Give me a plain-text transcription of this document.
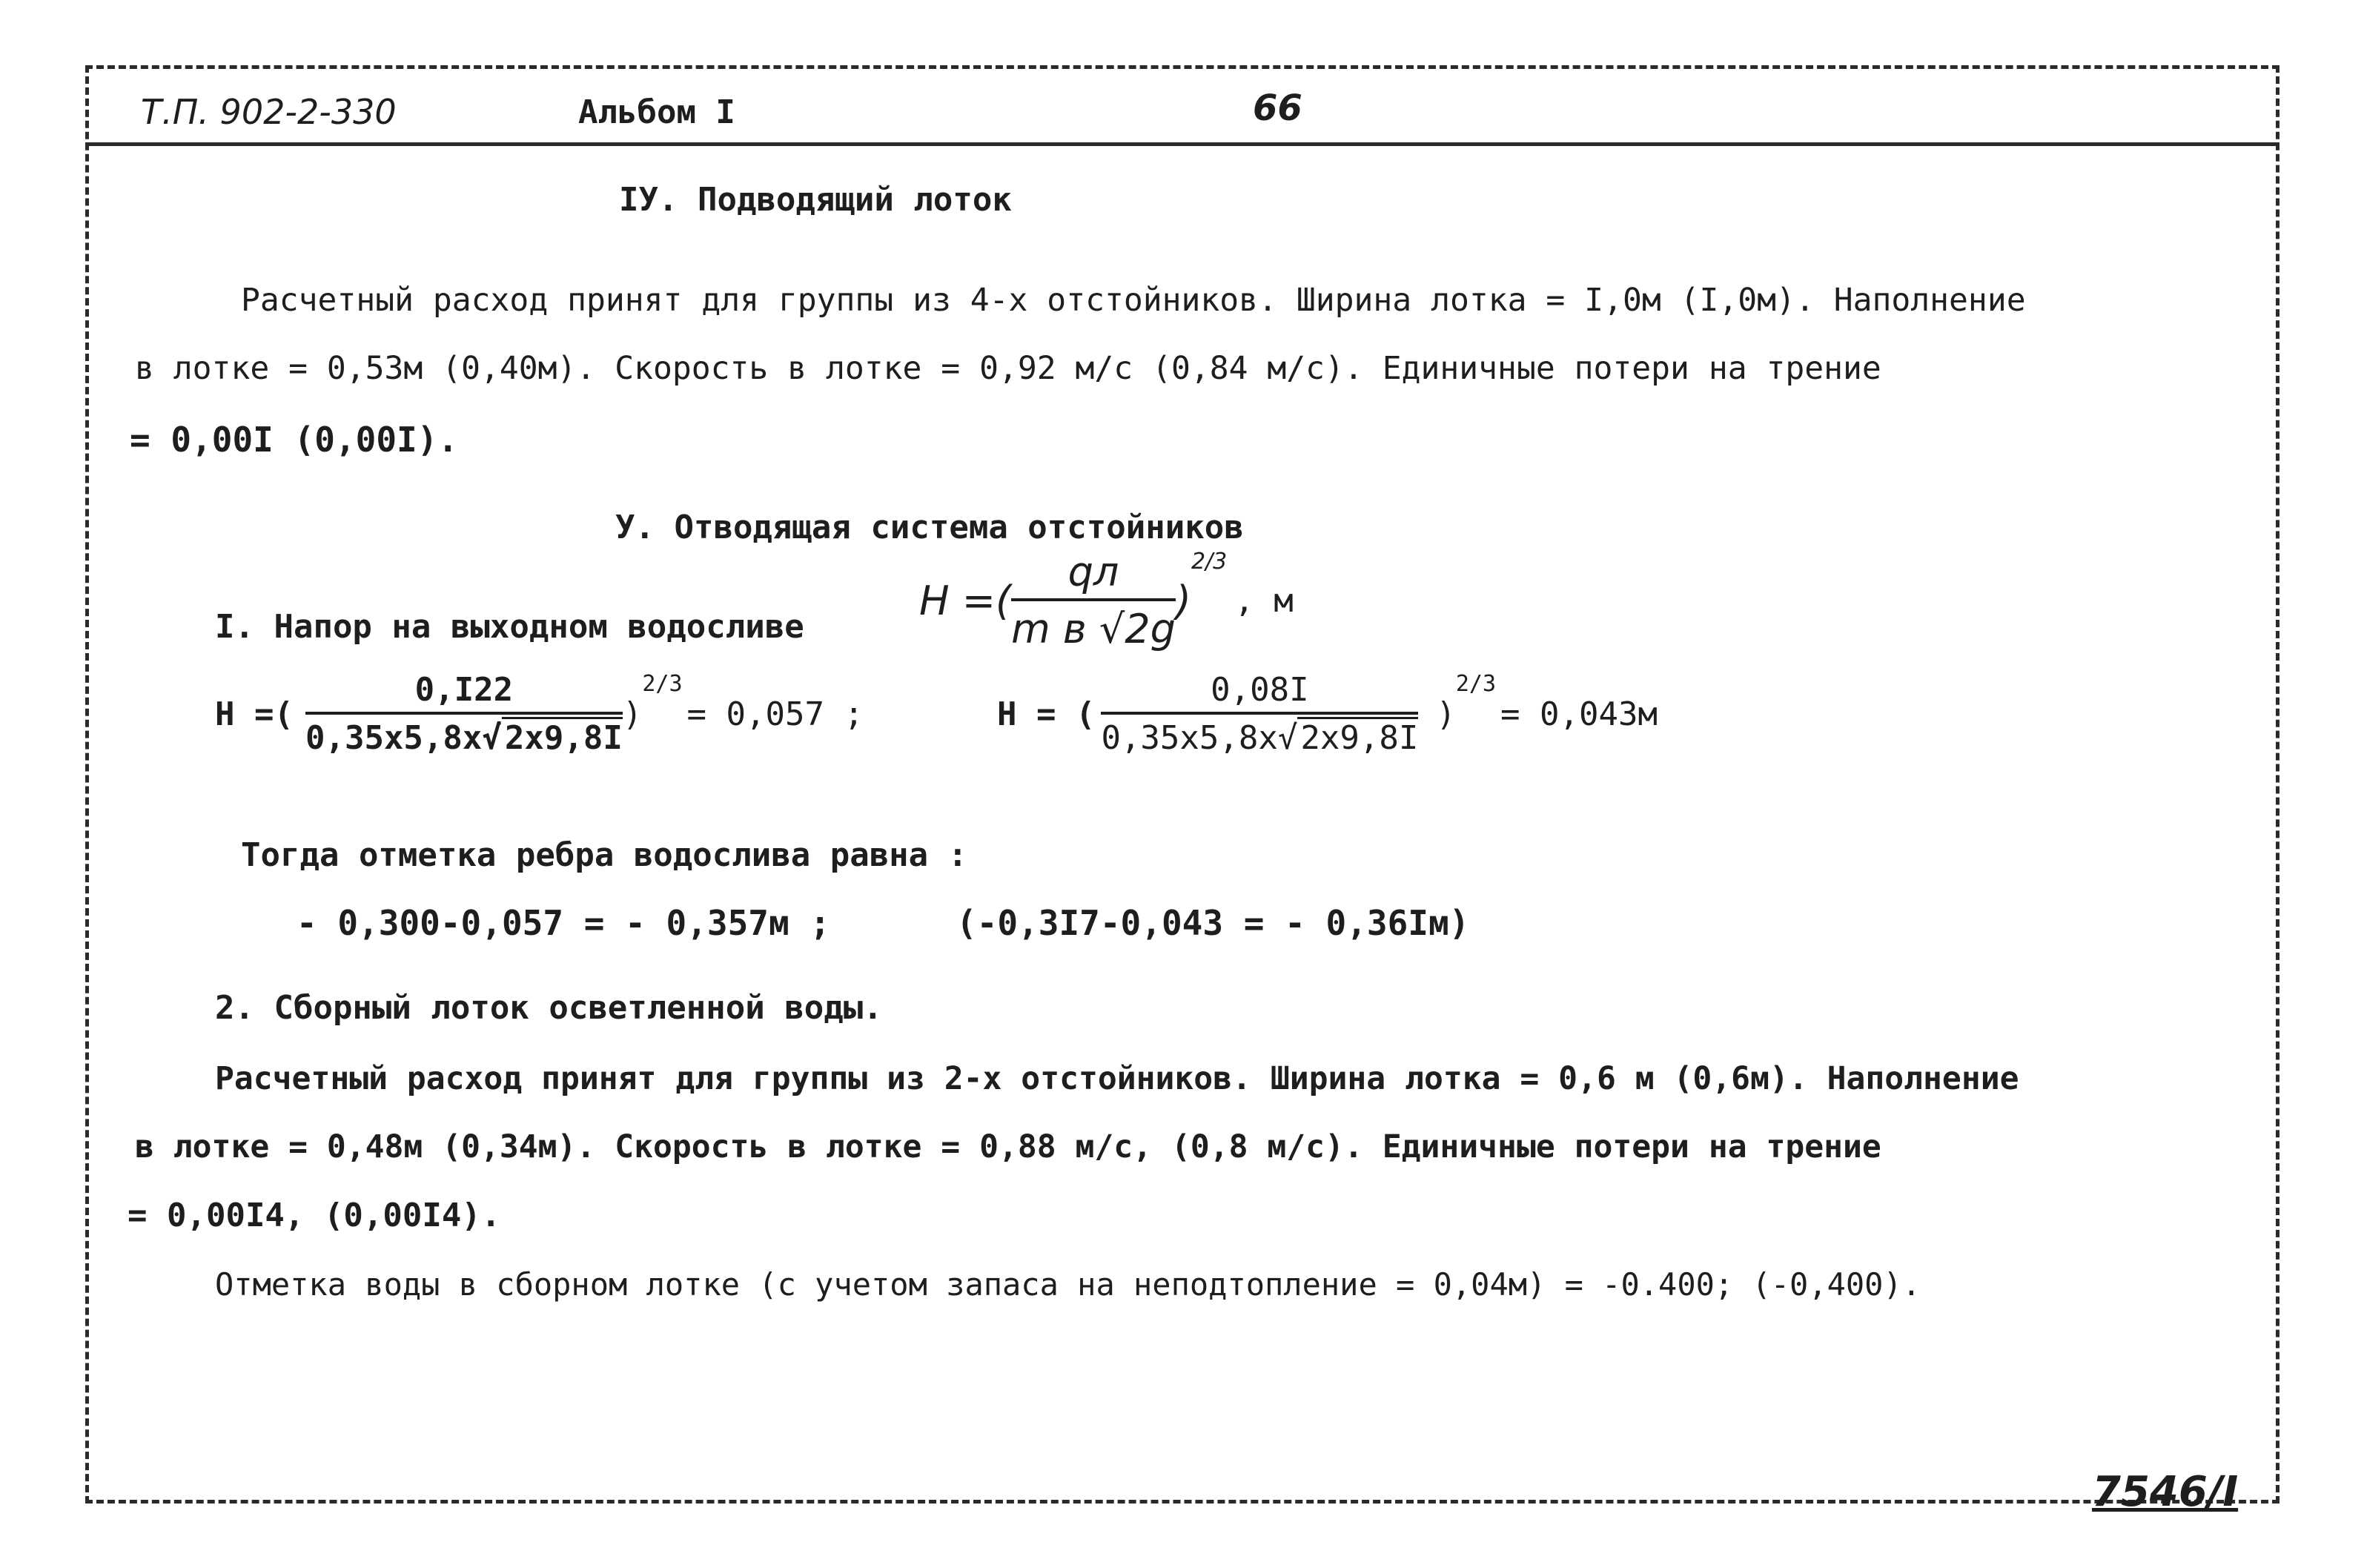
Т.П. 902-2-330	Альбом I	66
IУ. Подводящий лоток
Расчетный расход принят для группы из 4-х отстойников. Ширина лотка = I,0м (I,0м). Наполнение
в лотке = 0,53м (0,40м). Скорость в лотке = 0,92 м/с (0,84 м/с). Единичные потери на трение
= 0,00I (0,00I).
У. Отводящая система отстойников
I. Напор на выходном водосливе
H =( $\frac{qл}{\text{m в √2g}}$ )
2/3
, м
H =( $\frac{0,I22}{0,35x5,8x√2x9,8I}$ )
$^{2/3}$
= 0,057 ;	H = ( $\frac{0,08I}{0,35x5,8x√2x9,8I}$ )
$^{2/3}$
= 0,043м
Тогда отметка ребра водослива равна :
- 0,300-0,057 = - 0,357м ;	(-0,3I7-0,043 = - 0,36Iм)
2. Сборный лоток осветленной воды.
Расчетный расход принят для группы из 2-х отстойников. Ширина лотка = 0,6 м (0,6м). Наполнение
в лотке = 0,48м (0,34м). Скорость в лотке = 0,88 м/с, (0,8 м/с). Единичные потери на трение
= 0,00I4, (0,00I4).
Отметка воды в сборном лотке (с учетом запаса на неподтопление = 0,04м) = -0.400; (-0,400).
7546/I
